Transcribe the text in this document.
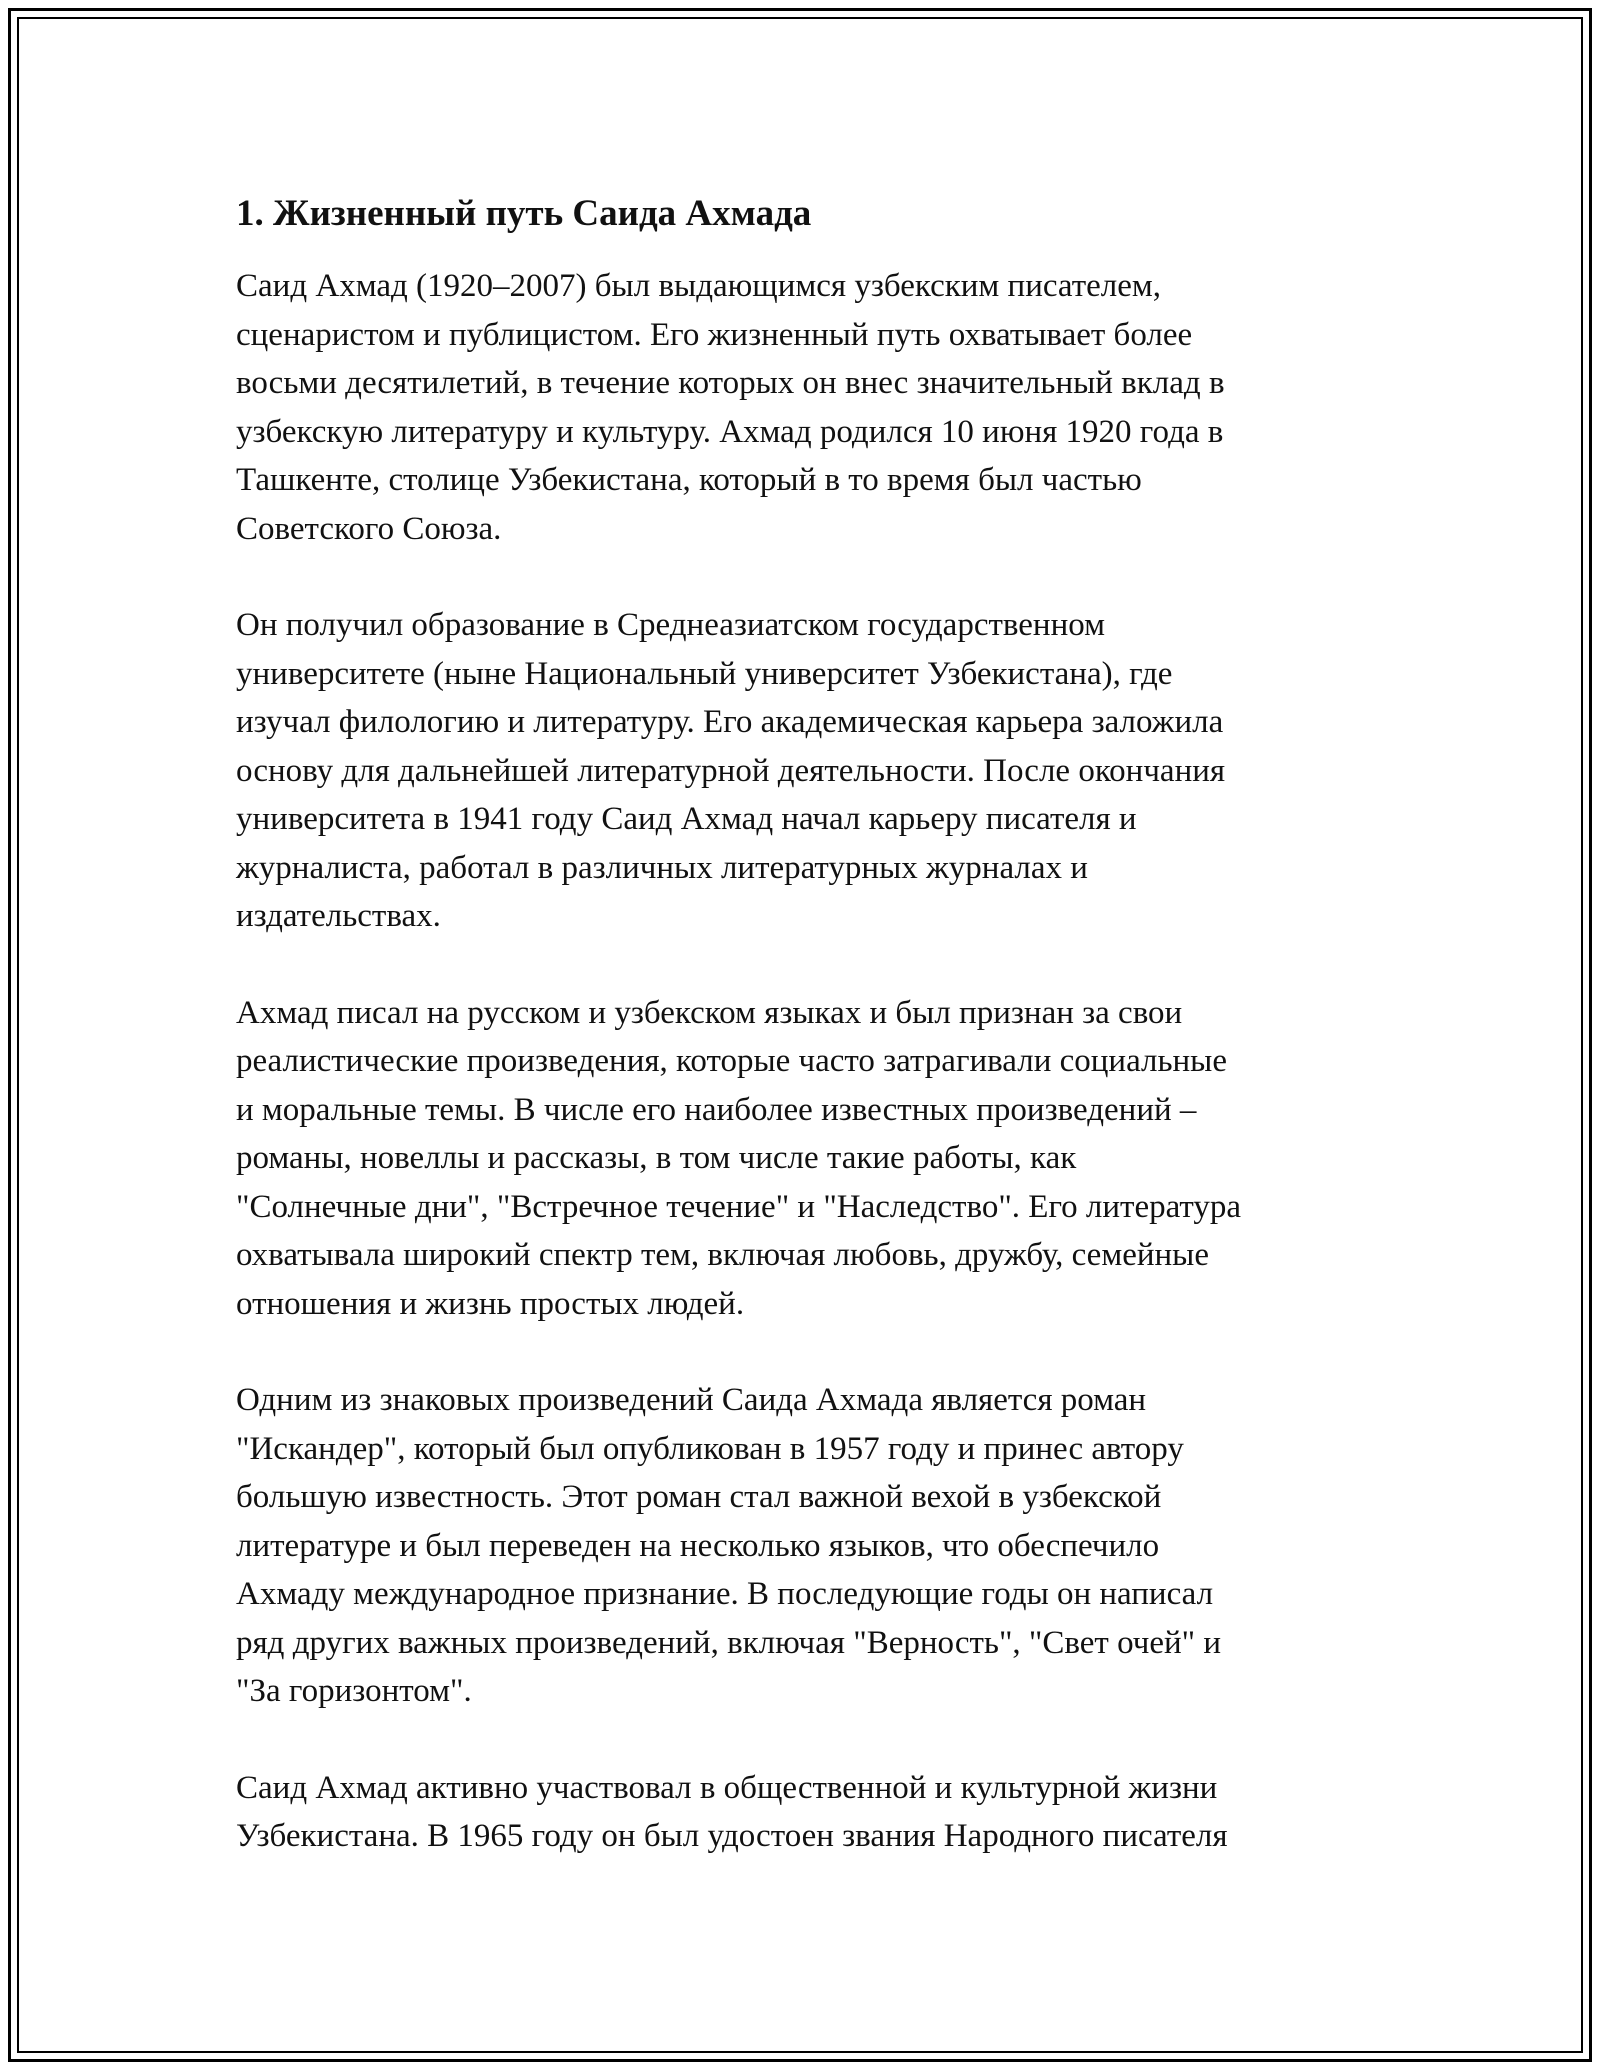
1. Жизненный путь Саида Ахмада

Саид Ахмад (1920–2007) был выдающимся узбекским писателем,
сценаристом и публицистом. Его жизненный путь охватывает более
восьми десятилетий, в течение которых он внес значительный вклад в
узбекскую литературу и культуру. Ахмад родился 10 июня 1920 года в
Ташкенте, столице Узбекистана, который в то время был частью
Советского Союза.

Он получил образование в Среднеазиатском государственном
университете (ныне Национальный университет Узбекистана), где
изучал филологию и литературу. Его академическая карьера заложила
основу для дальнейшей литературной деятельности. После окончания
университета в 1941 году Саид Ахмад начал карьеру писателя и
журналиста, работал в различных литературных журналах и
издательствах.

Ахмад писал на русском и узбекском языках и был признан за свои
реалистические произведения, которые часто затрагивали социальные
и моральные темы. В числе его наиболее известных произведений –
романы, новеллы и рассказы, в том числе такие работы, как
"Солнечные дни", "Встречное течение" и "Наследство". Его литература
охватывала широкий спектр тем, включая любовь, дружбу, семейные
отношения и жизнь простых людей.

Одним из знаковых произведений Саида Ахмада является роман
"Искандер", который был опубликован в 1957 году и принес автору
большую известность. Этот роман стал важной вехой в узбекской
литературе и был переведен на несколько языков, что обеспечило
Ахмаду международное признание. В последующие годы он написал
ряд других важных произведений, включая "Верность", "Свет очей" и
"За горизонтом".

Саид Ахмад активно участвовал в общественной и культурной жизни
Узбекистана. В 1965 году он был удостоен звания Народного писателя
